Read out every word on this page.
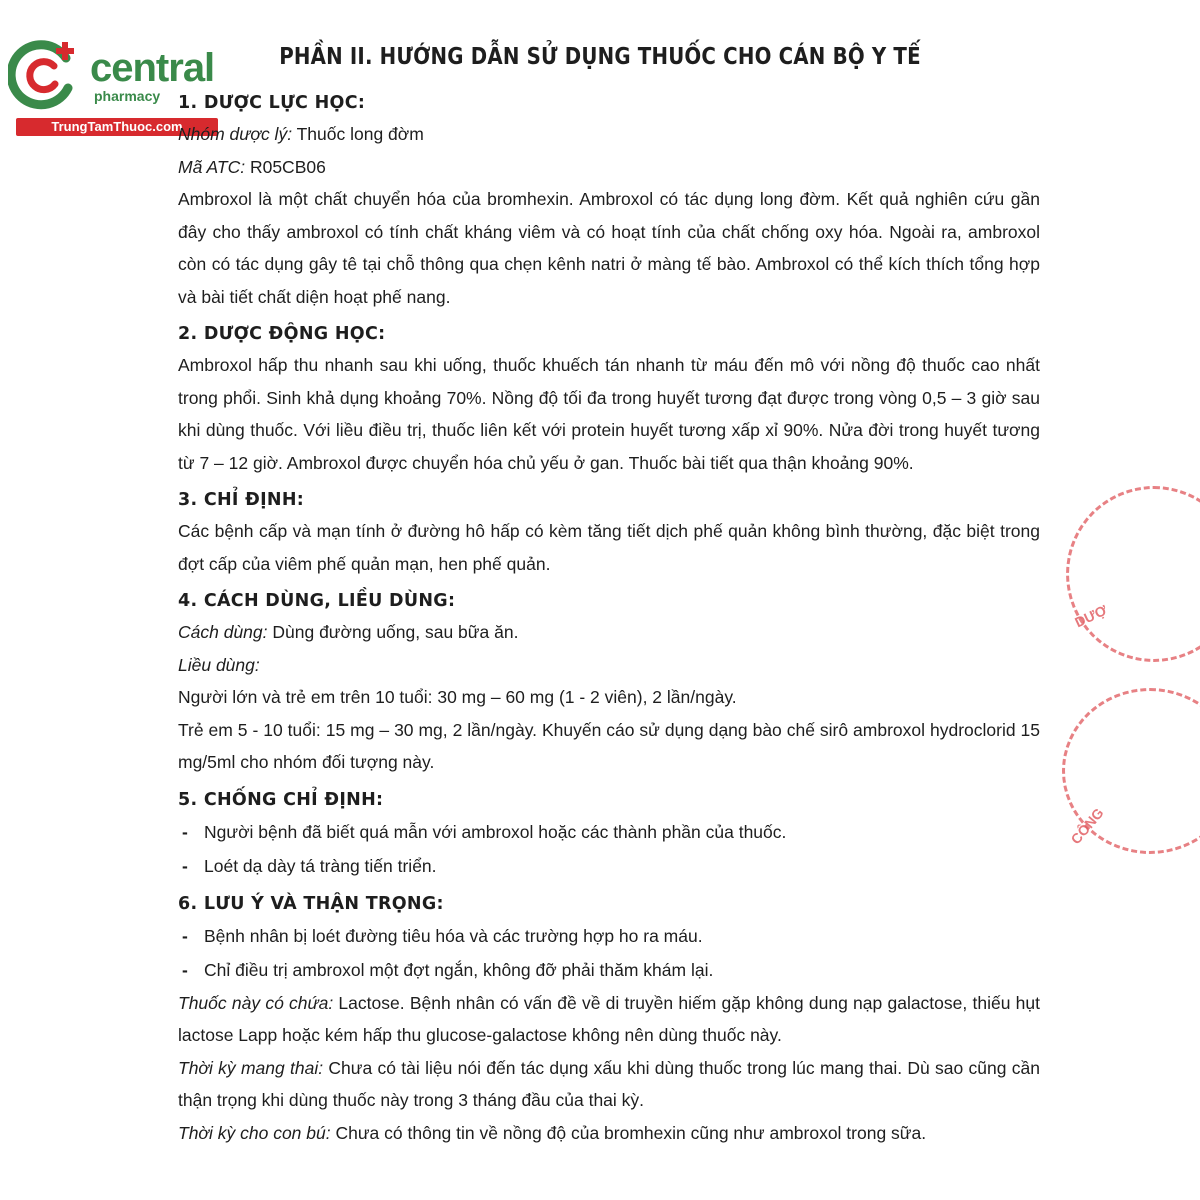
central
pharmacy
TrungTamThuoc.com
PHẦN II. HƯỚNG DẪN SỬ DỤNG THUỐC CHO CÁN BỘ Y TẾ
1. DƯỢC LỰC HỌC:
Nhóm dược lý: Thuốc long đờm
Mã ATC: R05CB06
Ambroxol là một chất chuyển hóa của bromhexin. Ambroxol có tác dụng long đờm. Kết quả nghiên cứu gần đây cho thấy ambroxol có tính chất kháng viêm và có hoạt tính của chất chống oxy hóa. Ngoài ra, ambroxol còn có tác dụng gây tê tại chỗ thông qua chẹn kênh natri ở màng tế bào. Ambroxol có thể kích thích tổng hợp và bài tiết chất diện hoạt phế nang.
2. DƯỢC ĐỘNG HỌC:
Ambroxol hấp thu nhanh sau khi uống, thuốc khuếch tán nhanh từ máu đến mô với nồng độ thuốc cao nhất trong phổi. Sinh khả dụng khoảng 70%. Nồng độ tối đa trong huyết tương đạt được trong vòng 0,5 – 3 giờ sau khi dùng thuốc. Với liều điều trị, thuốc liên kết với protein huyết tương xấp xỉ 90%. Nửa đời trong huyết tương từ 7 – 12 giờ. Ambroxol được chuyển hóa chủ yếu ở gan. Thuốc bài tiết qua thận khoảng 90%.
3. CHỈ ĐỊNH:
Các bệnh cấp và mạn tính ở đường hô hấp có kèm tăng tiết dịch phế quản không bình thường, đặc biệt trong đợt cấp của viêm phế quản mạn, hen phế quản.
4. CÁCH DÙNG, LIỀU DÙNG:
Cách dùng: Dùng đường uống, sau bữa ăn.
Liều dùng:
Người lớn và trẻ em trên 10 tuổi: 30 mg – 60 mg (1 - 2 viên), 2 lần/ngày.
Trẻ em 5 - 10 tuổi: 15 mg – 30 mg, 2 lần/ngày. Khuyến cáo sử dụng dạng bào chế sirô ambroxol hydroclorid 15 mg/5ml cho nhóm đối tượng này.
5. CHỐNG CHỈ ĐỊNH:
- Người bệnh đã biết quá mẫn với ambroxol hoặc các thành phần của thuốc.
- Loét dạ dày tá tràng tiến triển.
6. LƯU Ý VÀ THẬN TRỌNG:
- Bệnh nhân bị loét đường tiêu hóa và các trường hợp ho ra máu.
- Chỉ điều trị ambroxol một đợt ngắn, không đỡ phải thăm khám lại.
Thuốc này có chứa: Lactose. Bệnh nhân có vấn đề về di truyền hiếm gặp không dung nạp galactose, thiếu hụt lactose Lapp hoặc kém hấp thu glucose-galactose không nên dùng thuốc này.
Thời kỳ mang thai: Chưa có tài liệu nói đến tác dụng xấu khi dùng thuốc trong lúc mang thai. Dù sao cũng cần thận trọng khi dùng thuốc này trong 3 tháng đầu của thai kỳ.
Thời kỳ cho con bú: Chưa có thông tin về nồng độ của bromhexin cũng như ambroxol trong sữa.
DƯỢ
CÔNG
